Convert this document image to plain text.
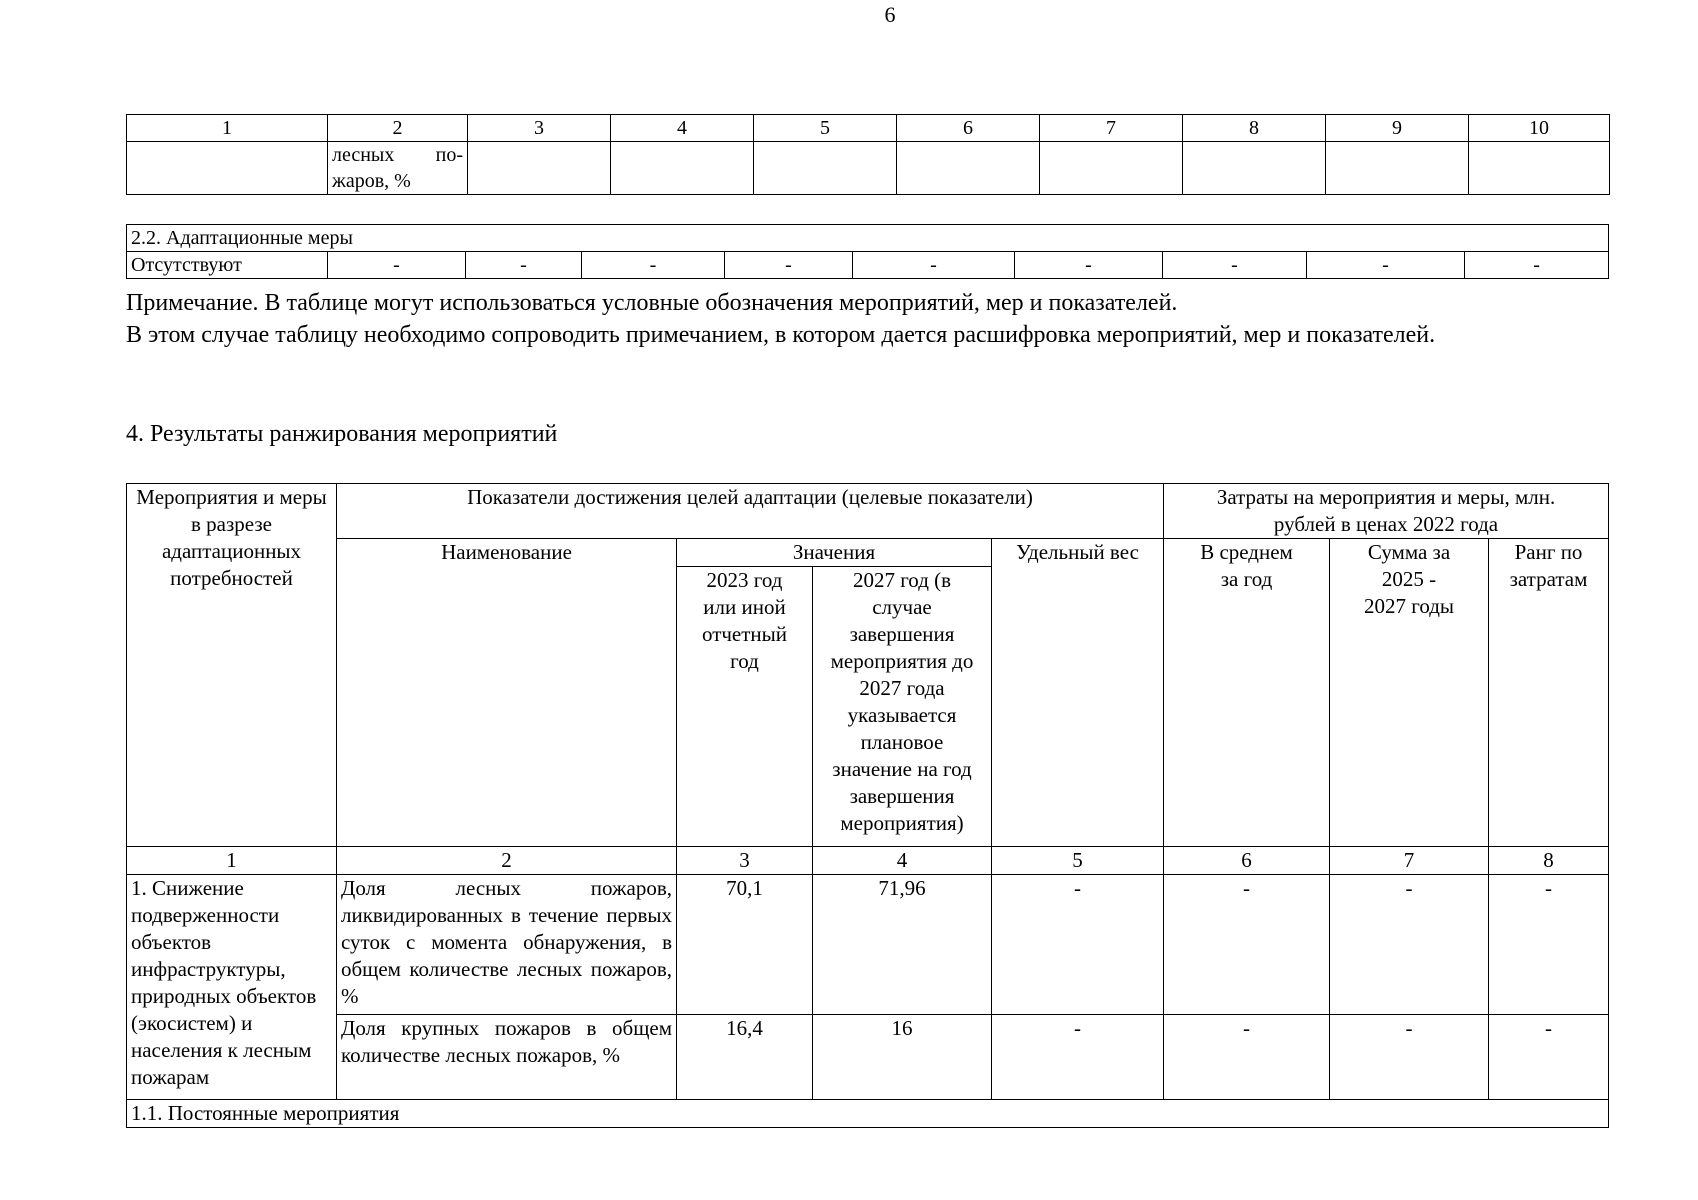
6
1	2	3	4	5	6	7	8	9	10

	лесных по-
жаров, %								

2.2. Адаптационные меры
Отсутствуют	-	-	-	-	-	-	-	-	-
Примечание. В таблице могут использоваться условные обозначения мероприятий, мер и показателей.
В этом случае таблицу необходимо сопроводить примечанием, в котором дается расшифровка мероприятий, мер и показателей.
4. Результаты ранжирования мероприятий
Мероприятия и меры в разрезе адаптационных потребностей	Показатели достижения целей адаптации (целевые показатели)				Затраты на мероприятия и меры, млн. рублей в ценах 2022 года		
	Наименование	Значения		Удельный вес	В среднем за год	Сумма за 2025 - 2027 годы	Ранг по затратам
		2023 год или иной отчетный год	2027 год (в случае завершения мероприятия до 2027 года указывается плановое значение на год завершения мероприятия)				
1	2	3	4	5	6	7	8
1. Снижение подверженности объектов инфраструктуры, природных объектов (экосистем) и населения к лесным пожарам	Доля лесных пожаров, ликвидированных в течение первых суток с момента обнаружения, в общем количестве лесных пожаров, %	70,1	71,96	-	-	-	-
	Доля крупных пожаров в общем количестве лесных пожаров, %	16,4	16	-	-	-	-
1.1. Постоянные мероприятия							
